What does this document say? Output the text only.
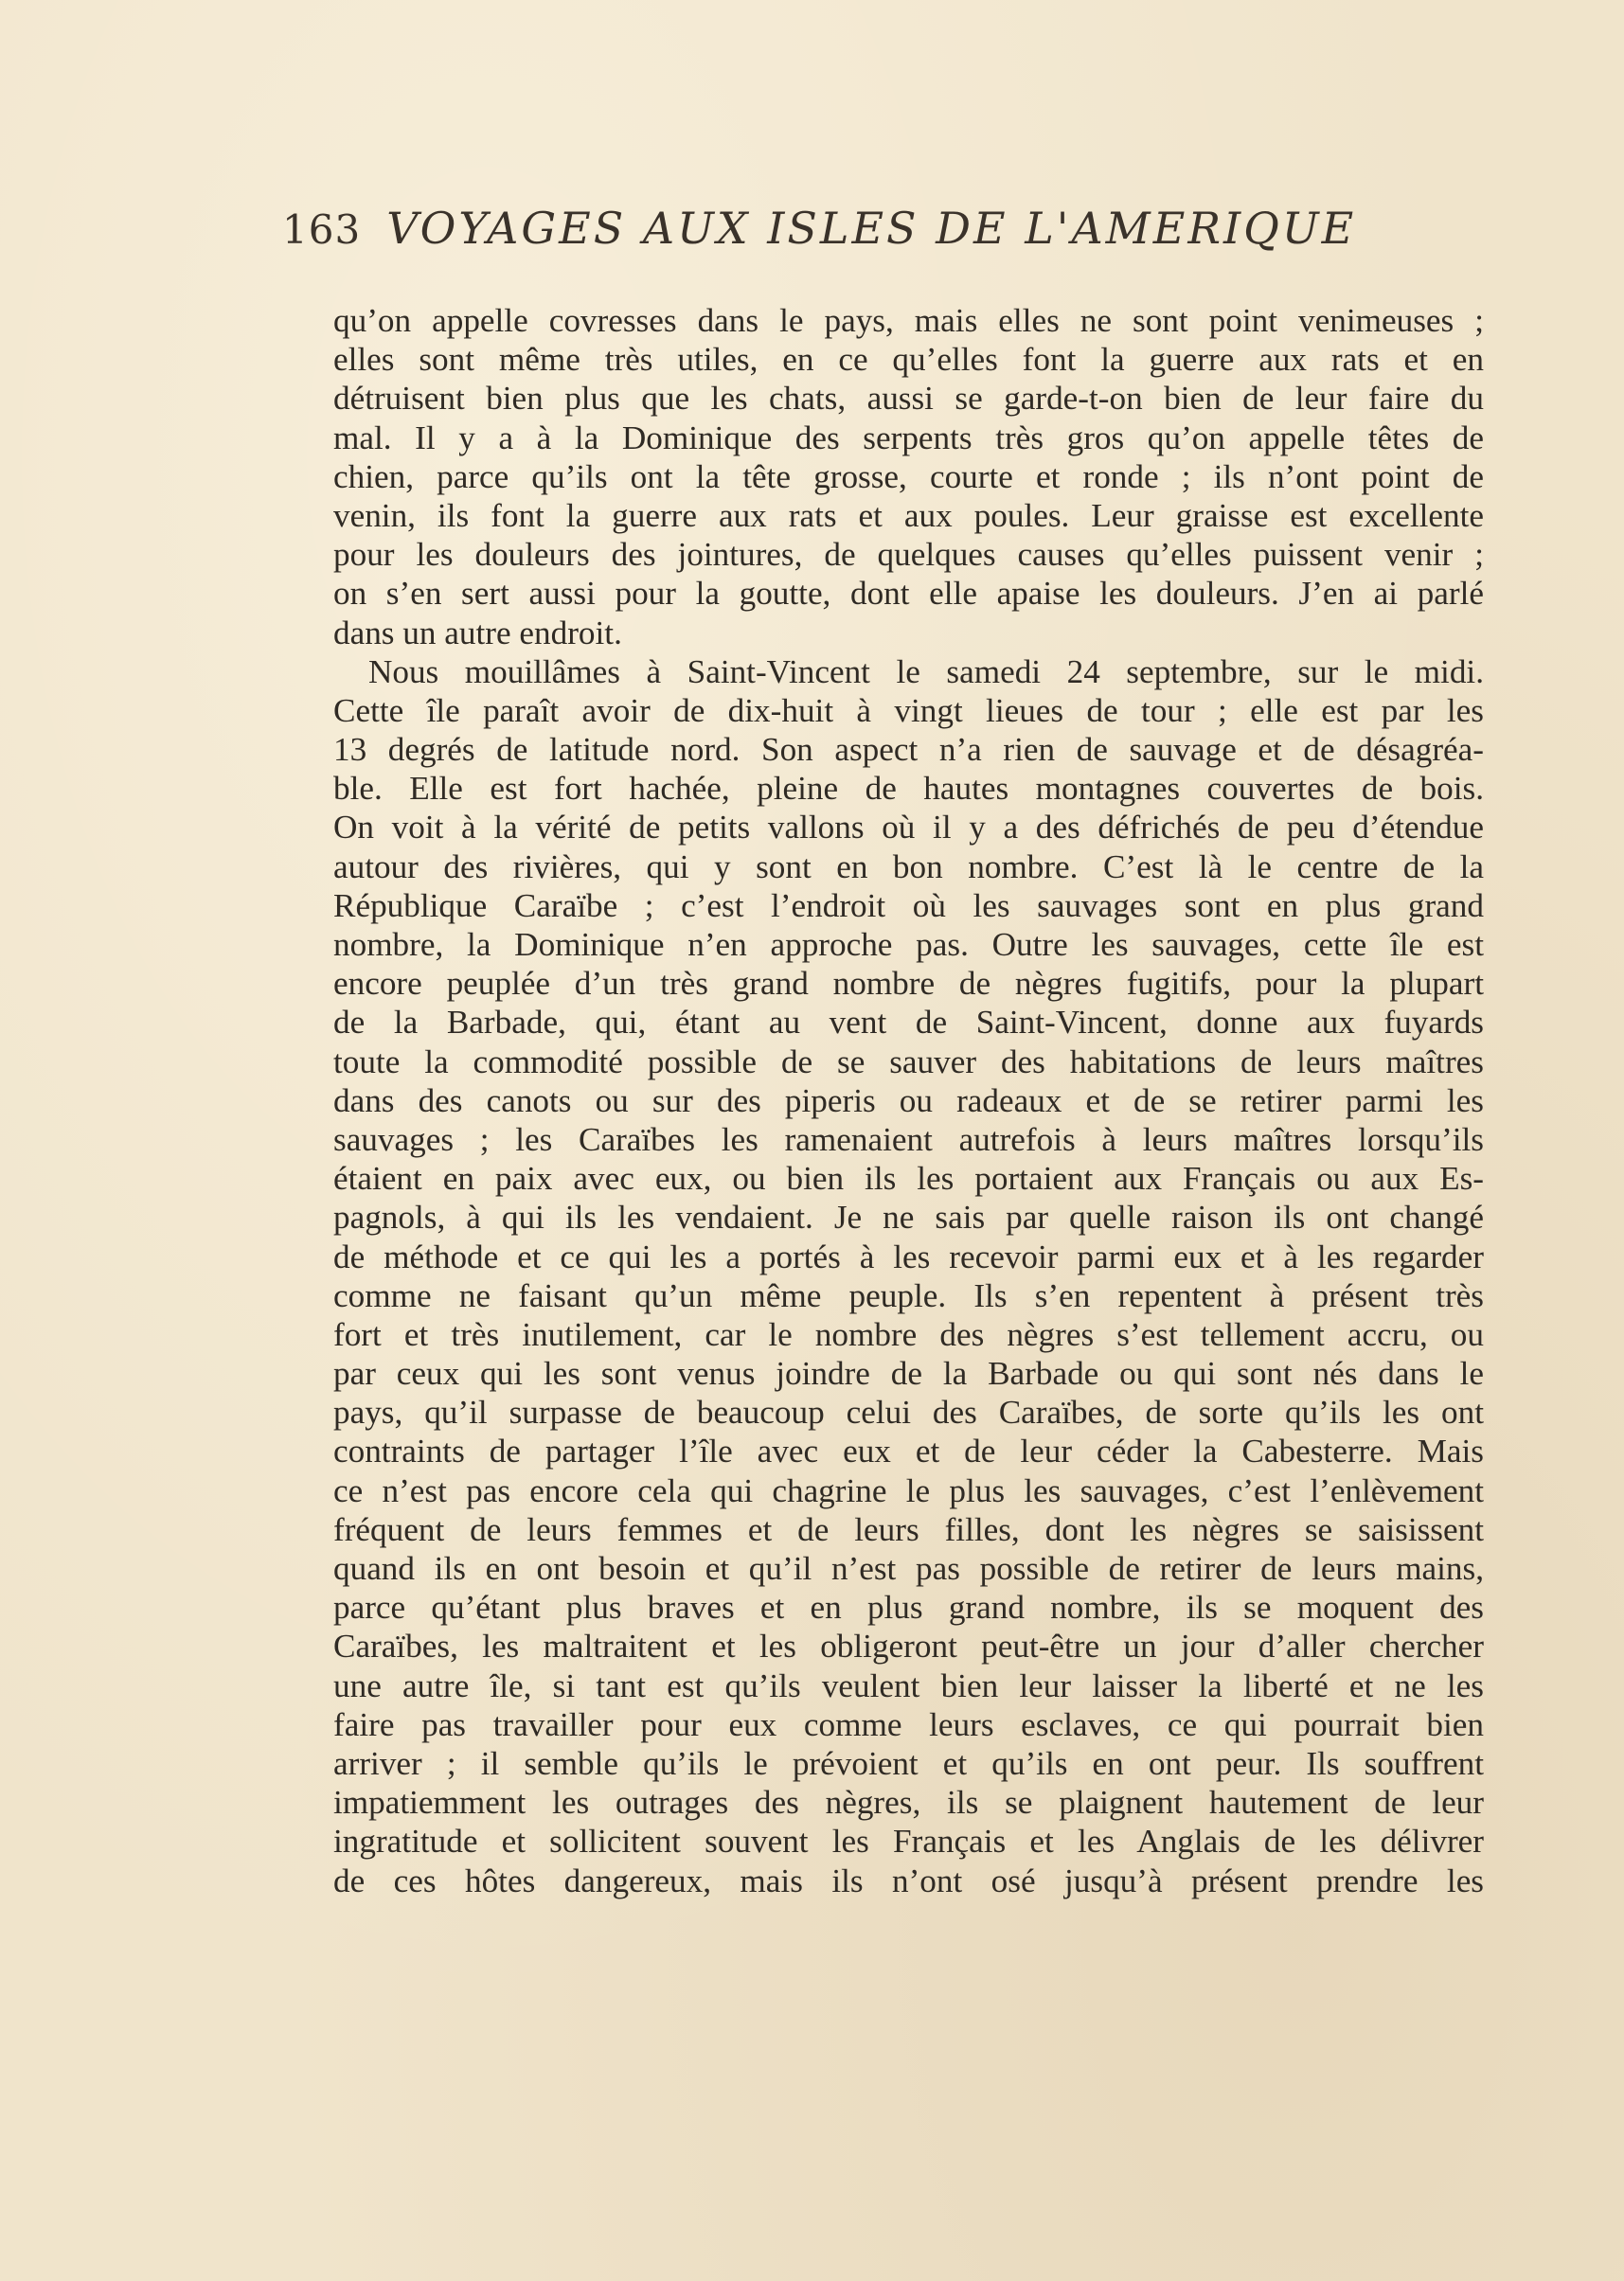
163 VOYAGES AUX ISLES DE L'AMERIQUE
qu’on appelle covresses dans le pays, mais elles ne sont point venimeuses ;
elles sont même très utiles, en ce qu’elles font la guerre aux rats et en
détruisent bien plus que les chats, aussi se garde-t-on bien de leur faire du
mal. Il y a à la Dominique des serpents très gros qu’on appelle têtes de
chien, parce qu’ils ont la tête grosse, courte et ronde ; ils n’ont point de
venin, ils font la guerre aux rats et aux poules. Leur graisse est excellente
pour les douleurs des jointures, de quelques causes qu’elles puissent venir ;
on s’en sert aussi pour la goutte, dont elle apaise les douleurs. J’en ai parlé
dans un autre endroit.
Nous mouillâmes à Saint-Vincent le samedi 24 septembre, sur le midi.
Cette île paraît avoir de dix-huit à vingt lieues de tour ; elle est par les
13 degrés de latitude nord. Son aspect n’a rien de sauvage et de désagréa-
ble. Elle est fort hachée, pleine de hautes montagnes couvertes de bois.
On voit à la vérité de petits vallons où il y a des défrichés de peu d’étendue
autour des rivières, qui y sont en bon nombre. C’est là le centre de la
République Caraïbe ; c’est l’endroit où les sauvages sont en plus grand
nombre, la Dominique n’en approche pas. Outre les sauvages, cette île est
encore peuplée d’un très grand nombre de nègres fugitifs, pour la plupart
de la Barbade, qui, étant au vent de Saint-Vincent, donne aux fuyards
toute la commodité possible de se sauver des habitations de leurs maîtres
dans des canots ou sur des piperis ou radeaux et de se retirer parmi les
sauvages ; les Caraïbes les ramenaient autrefois à leurs maîtres lorsqu’ils
étaient en paix avec eux, ou bien ils les portaient aux Français ou aux Es-
pagnols, à qui ils les vendaient. Je ne sais par quelle raison ils ont changé
de méthode et ce qui les a portés à les recevoir parmi eux et à les regarder
comme ne faisant qu’un même peuple. Ils s’en repentent à présent très
fort et très inutilement, car le nombre des nègres s’est tellement accru, ou
par ceux qui les sont venus joindre de la Barbade ou qui sont nés dans le
pays, qu’il surpasse de beaucoup celui des Caraïbes, de sorte qu’ils les ont
contraints de partager l’île avec eux et de leur céder la Cabesterre. Mais
ce n’est pas encore cela qui chagrine le plus les sauvages, c’est l’enlèvement
fréquent de leurs femmes et de leurs filles, dont les nègres se saisissent
quand ils en ont besoin et qu’il n’est pas possible de retirer de leurs mains,
parce qu’étant plus braves et en plus grand nombre, ils se moquent des
Caraïbes, les maltraitent et les obligeront peut-être un jour d’aller chercher
une autre île, si tant est qu’ils veulent bien leur laisser la liberté et ne les
faire pas travailler pour eux comme leurs esclaves, ce qui pourrait bien
arriver ; il semble qu’ils le prévoient et qu’ils en ont peur. Ils souffrent
impatiemment les outrages des nègres, ils se plaignent hautement de leur
ingratitude et sollicitent souvent les Français et les Anglais de les délivrer
de ces hôtes dangereux, mais ils n’ont osé jusqu’à présent prendre les
